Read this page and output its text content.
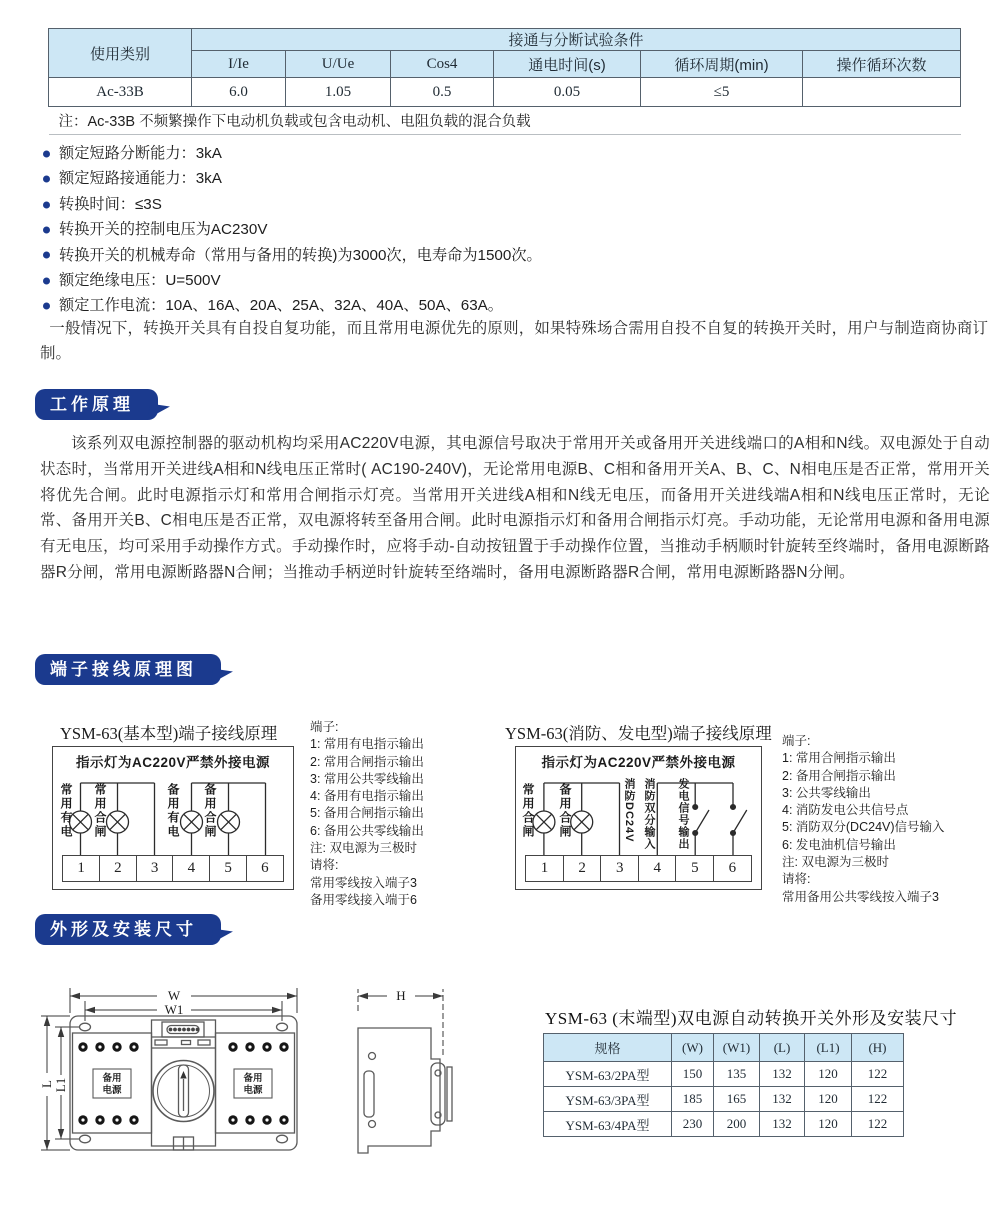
使用类别	接通与分断试验条件					
	I/Ie	U/Ue	Cos4	通电时间(s)	循环周期(min)	操作循环次数
Ac-33B	6.0	1.05	0.5	0.05	≤5	
注：Ac-33B 不频繁操作下电动机负载或包含电动机、电阻负载的混合负载						
额定短路分断能力：3kA
额定短路接通能力：3kA
转换时间：≤3S
转换开关的控制电压为AC230V
转换开关的机械寿命（常用与备用的转换)为3000次，电寿命为1500次。
额定绝缘电压：U=500V
额定工作电流：10A、16A、20A、25A、32A、40A、50A、63A。
一般情况下，转换开关具有自投自复功能，而且常用电源优先的原则，如果特殊场合需用自投不自复的转换开关时，用户与制造商协商订制。
工作原理
该系列双电源控制器的驱动机构均采用AC220V电源，其电源信号取决于常用开关或备用开关进线端口的A相和N线。双电源处于自动状态时，当常用开关进线A相和N线电压正常时( AC190-240V)，无论常用电源B、C相和备用开关A、B、C、N相电压是否正常，常用开关将优先合闸。此时电源指示灯和常用合闸指示灯亮。当常用开关进线A相和N线无电压，而备用开关进线端A相和N线电压正常时，无论常、备用开关B、C相电压是否正常，双电源将转至备用合闸。此时电源指示灯和备用合闸指示灯亮。手动功能，无论常用电源和备用电源有无电压，均可采用手动操作方式。手动操作时，应将手动-自动按钮置于手动操作位置，当推动手柄顺时针旋转至终端时，备用电源断路器R分闸，常用电源断路器N合闸；当推动手柄逆时针旋转至络端时，备用电源断路器R合闸，常用电源断路器N分闸。
端子接线原理图
YSM-63(基本型)端子接线原理
指示灯为AC220V严禁外接电源
常用有电 常用合闸	备用有电 备用合闸
1	2	3	4	5	6
端子:
1: 常用有电指示输出
2: 常用合闸指示输出
3: 常用公共零线输出
4: 备用有电指示输出
5: 备用合闸指示输出
6: 备用公共零线输出
注: 双电源为三极时
请将:
常用零线按入端子3
备用零线接入端于6
YSM-63(消防、发电型)端子接线原理
指示灯为AC220V严禁外接电源
常用合闸 备用合闸	消防DC24V 消防双分输入 发电信号输出
1	2	3	4	5	6
端子:
1: 常用合闸指示输出
2: 备用合闸指示输出
3: 公共零线输出
4: 消防发电公共信号点
5: 消防双分(DC24V)信号输入
6: 发电油机信号输出
注: 双电源为三极时
请将:
常用备用公共零线按入端子3
外形及安装尺寸
W
W1
L L1
H
备用
电源
备用
电源
YSM-63 (末端型)双电源自动转换开关外形及安装尺寸
规格	(W)	(W1)	(L)	(L1)	(H)
YSM-63/2PA型	150	135	132	120	122
YSM-63/3PA型	185	165	132	120	122
YSM-63/4PA型	230	200	132	120	122
